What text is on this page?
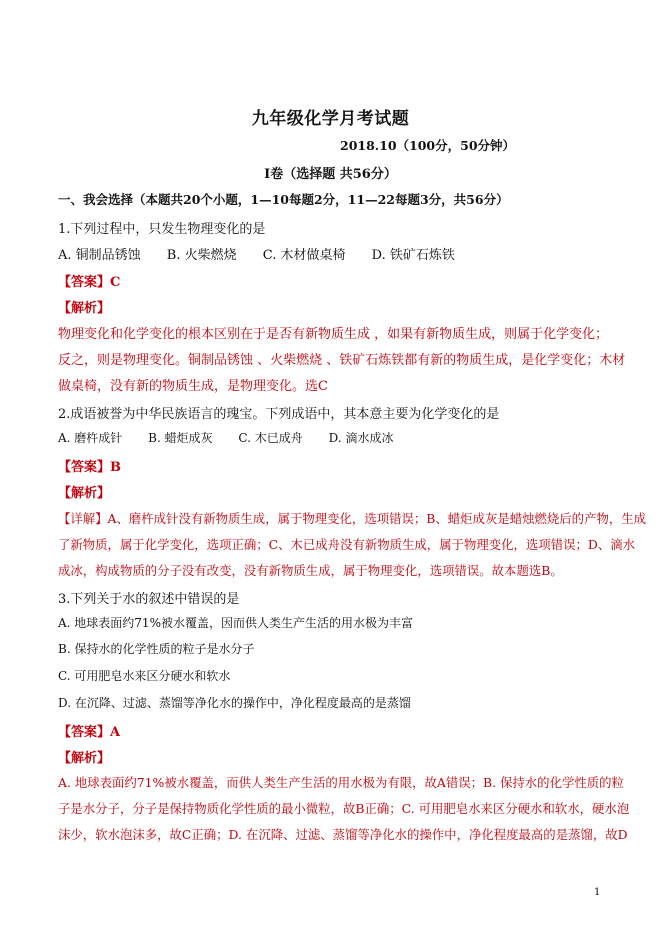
九年级化学月考试题
2018.10（100分，50分钟）
I卷（选择题 共56分）
一、我会选择（本题共20个小题，1—10每题2分，11—22每题3分，共56分）
1.下列过程中，只发生物理变化的是
A. 铜制品锈蚀 B. 火柴燃烧 C. 木材做桌椅 D. 铁矿石炼铁
【答案】C
【解析】
物理变化和化学变化的根本区别在于是否有新物质生成 ，如果有新物质生成，则属于化学变化；
反之，则是物理变化。铜制品锈蚀 、火柴燃烧 、铁矿石炼铁都有新的物质生成，是化学变化；木材
做桌椅，没有新的物质生成，是物理变化。选C
2.成语被誉为中华民族语言的瑰宝。下列成语中，其本意主要为化学变化的是
A. 磨杵成针 B. 蜡炬成灰 C. 木已成舟 D. 滴水成冰
【答案】B
【解析】
【详解】A、磨杵成针没有新物质生成，属于物理变化，选项错误；B、蜡炬成灰是蜡烛燃烧后的产物，生成
了新物质，属于化学变化，选项正确；C、木已成舟没有新物质生成，属于物理变化，选项错误；D、滴水
成冰，构成物质的分子没有改变，没有新物质生成，属于物理变化，选项错误。故本题选B。
3.下列关于水的叙述中错误的是
A. 地球表面约71%被水覆盖，因而供人类生产生活的用水极为丰富
B. 保持水的化学性质的粒子是水分子
C. 可用肥皂水来区分硬水和软水
D. 在沉降、过滤、蒸馏等净化水的操作中，净化程度最高的是蒸馏
【答案】A
【解析】
A. 地球表面约71%被水覆盖，而供人类生产生活的用水极为有限，故A错误；B. 保持水的化学性质的粒
子是水分子，分子是保持物质化学性质的最小微粒，故B正确；C. 可用肥皂水来区分硬水和软水，硬水泡
沫少，软水泡沫多，故C正确；D. 在沉降、过滤、蒸馏等净化水的操作中，净化程度最高的是蒸馏，故D
1
